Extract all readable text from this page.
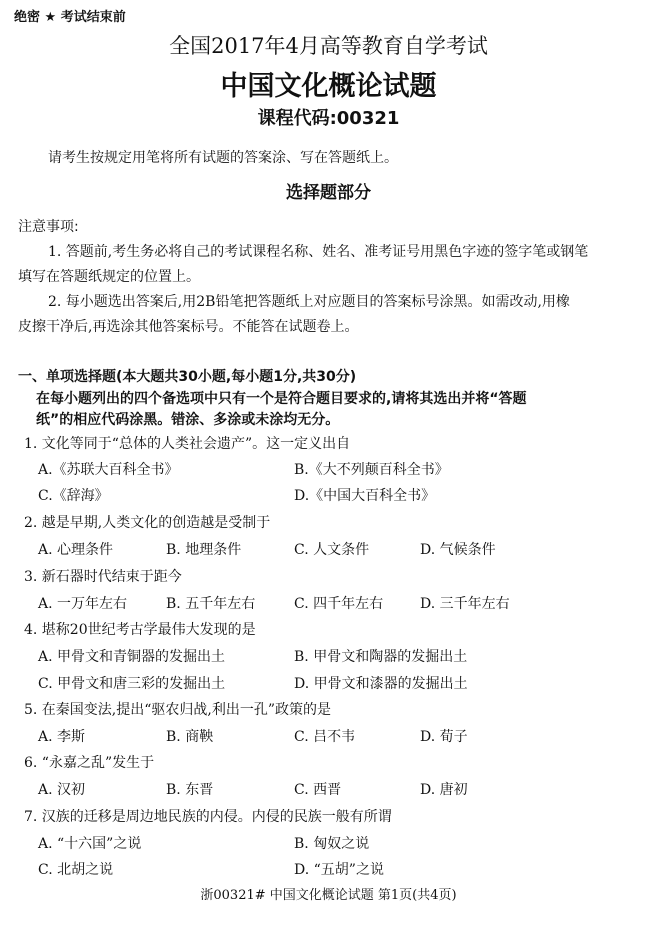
绝密 ★ 考试结束前
全国2017年4月高等教育自学考试
中国文化概论试题
课程代码:00321
请考生按规定用笔将所有试题的答案涂、写在答题纸上。
选择题部分
注意事项:
1. 答题前,考生务必将自己的考试课程名称、姓名、准考证号用黑色字迹的签字笔或钢笔
填写在答题纸规定的位置上。
2. 每小题选出答案后,用2B铅笔把答题纸上对应题目的答案标号涂黑。如需改动,用橡
皮擦干净后,再选涂其他答案标号。不能答在试题卷上。
一、单项选择题(本大题共30小题,每小题1分,共30分)
在每小题列出的四个备选项中只有一个是符合题目要求的,请将其选出并将“答题
纸”的相应代码涂黑。错涂、多涂或未涂均无分。
1. 文化等同于“总体的人类社会遗产”。这一定义出自
A.《苏联大百科全书》	B.《大不列颠百科全书》
C.《辞海》	D.《中国大百科全书》
2. 越是早期,人类文化的创造越是受制于
A. 心理条件	B. 地理条件	C. 人文条件	D. 气候条件
3. 新石器时代结束于距今
A. 一万年左右	B. 五千年左右	C. 四千年左右	D. 三千年左右
4. 堪称20世纪考古学最伟大发现的是
A. 甲骨文和青铜器的发掘出土	B. 甲骨文和陶器的发掘出土
C. 甲骨文和唐三彩的发掘出土	D. 甲骨文和漆器的发掘出土
5. 在秦国变法,提出“驱农归战,利出一孔”政策的是
A. 李斯	B. 商鞅	C. 吕不韦	D. 荀子
6. “永嘉之乱”发生于
A. 汉初	B. 东晋	C. 西晋	D. 唐初
7. 汉族的迁移是周边地民族的内侵。内侵的民族一般有所谓
A. “十六国”之说	B. 匈奴之说
C. 北胡之说	D. “五胡”之说
浙00321# 中国文化概论试题 第1页(共4页)
